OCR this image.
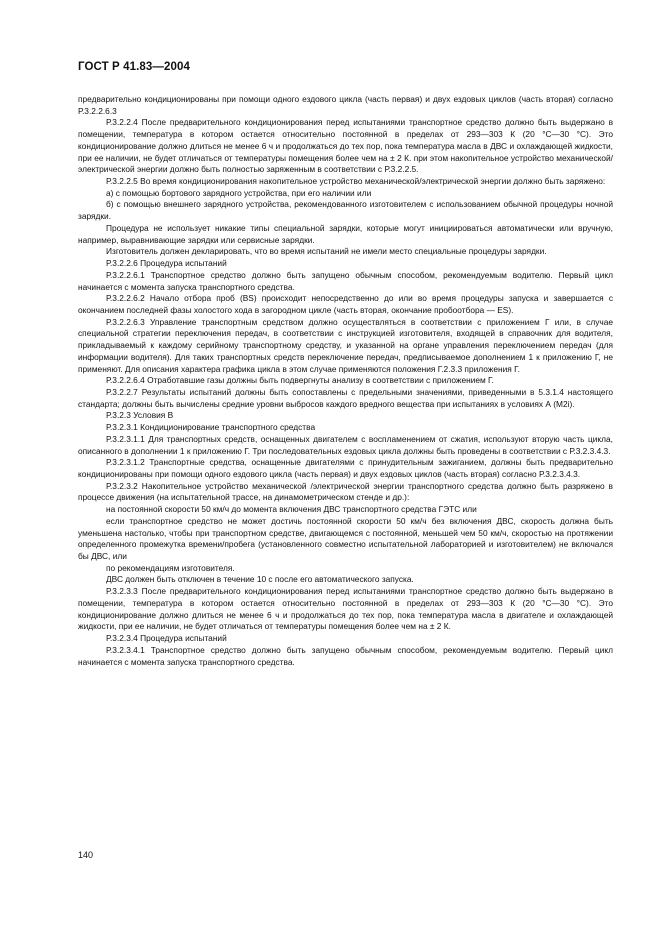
ГОСТ Р 41.83—2004

предварительно кондиционированы при помощи одного ездового цикла (часть первая) и двух ездовых циклов (часть вторая) согласно Р.3.2.2.6.3

Р.3.2.2.4 После предварительного кондиционирования перед испытаниями транспортное средство должно быть выдержано в помещении, температура в котором остается относительно постоянной в пределах от 293—303 К (20 °С—30 °С). Это кондиционирование должно длиться не менее 6 ч и продолжаться до тех пор, пока температура масла в ДВС и охлаждающей жидкости, при ее наличии, не будет отличаться от температуры помещения более чем на ± 2 К. при этом накопительное устройство механической/электрической энергии должно быть полностью заряженным в соответствии с Р.3.2.2.5.

Р.3.2.2.5 Во время кондиционирования накопительное устройство механической/электрической энергии должно быть заряжено:

а) с помощью бортового зарядного устройства, при его наличии или

б) с помощью внешнего зарядного устройства, рекомендованного изготовителем с использованием обычной процедуры ночной зарядки.

Процедура не использует никакие типы специальной зарядки, которые могут инициироваться автоматически или вручную, например, выравнивающие зарядки или сервисные зарядки.

Изготовитель должен декларировать, что во время испытаний не имели место специальные процедуры зарядки.

Р.3.2.2.6 Процедура испытаний

Р.3.2.2.6.1 Транспортное средство должно быть запущено обычным способом, рекомендуемым водителю. Первый цикл начинается с момента запуска транспортного средства.

Р.3.2.2.6.2 Начало отбора проб (BS) происходит непосредственно до или во время процедуры запуска и завершается с окончанием последней фазы холостого хода в загородном цикле (часть вторая, окончание пробоотбора — ES).

Р.3.2.2.6.3 Управление транспортным средством должно осуществляться в соответствии с приложением Г или, в случае специальной стратегии переключения передач, в соответствии с инструкцией изготовителя, входящей в справочник для водителя, прикладываемый к каждому серийному транспортному средству, и указанной на органе управления переключением передач (для информации водителя). Для таких транспортных средств переключение передач, предписываемое дополнением 1 к приложению Г, не применяют. Для описания характера графика цикла в этом случае применяются положения Г.2.3.3 приложения Г.

Р.3.2.2.6.4 Отработавшие газы должны быть подвергнуты анализу в соответствии с приложением Г.

Р.3.2.2.7 Результаты испытаний должны быть сопоставлены с предельными значениями, приведенными в 5.3.1.4 настоящего стандарта; должны быть вычислены средние уровни выбросов каждого вредного вещества при испытаниях в условиях А (М2i).

Р.3.2.3 Условия В

Р.3.2.3.1 Кондиционирование транспортного средства

Р.3.2.3.1.1 Для транспортных средств, оснащенных двигателем с воспламенением от сжатия, используют вторую часть цикла, описанного в дополнении 1 к приложению Г. Три последовательных ездовых цикла должны быть проведены в соответствии с Р.3.2.3.4.3.

Р.3.2.3.1.2 Транспортные средства, оснащенные двигателями с принудительным зажиганием, должны быть предварительно кондиционированы при помощи одного ездового цикла (часть первая) и двух ездовых циклов (часть вторая) согласно Р.3.2.3.4.3.

Р.3.2.3.2 Накопительное устройство механической /электрической энергии транспортного средства должно быть разряжено в процессе движения (на испытательной трассе, на динамометрическом стенде и др.):

на постоянной скорости 50 км/ч до момента включения ДВС транспортного средства ГЭТС или

если транспортное средство не может достичь постоянной скорости 50 км/ч без включения ДВС, скорость должна быть уменьшена настолько, чтобы при транспортном средстве, двигающемся с постоянной, меньшей чем 50 км/ч, скоростью на протяжении определенного промежутка времени/пробега (установленного совместно испытательной лабораторией и изготовителем) не включался бы ДВС, или

по рекомендациям изготовителя.

ДВС должен быть отключен в течение 10 с после его автоматического запуска.

Р.3.2.3.3 После предварительного кондиционирования перед испытаниями транспортное средство должно быть выдержано в помещении, температура в котором остается относительно постоянной в пределах от 293—303 К (20 °С—30 °С). Это кондиционирование должно длиться не менее 6 ч и продолжаться до тех пор, пока температура масла в двигателе и охлаждающей жидкости, при ее наличии, не будет отличаться от температуры помещения более чем на ± 2 К.

Р.3.2.3.4 Процедура испытаний

Р.3.2.3.4.1 Транспортное средство должно быть запущено обычным способом, рекомендуемым водителю. Первый цикл начинается с момента запуска транспортного средства.

140
